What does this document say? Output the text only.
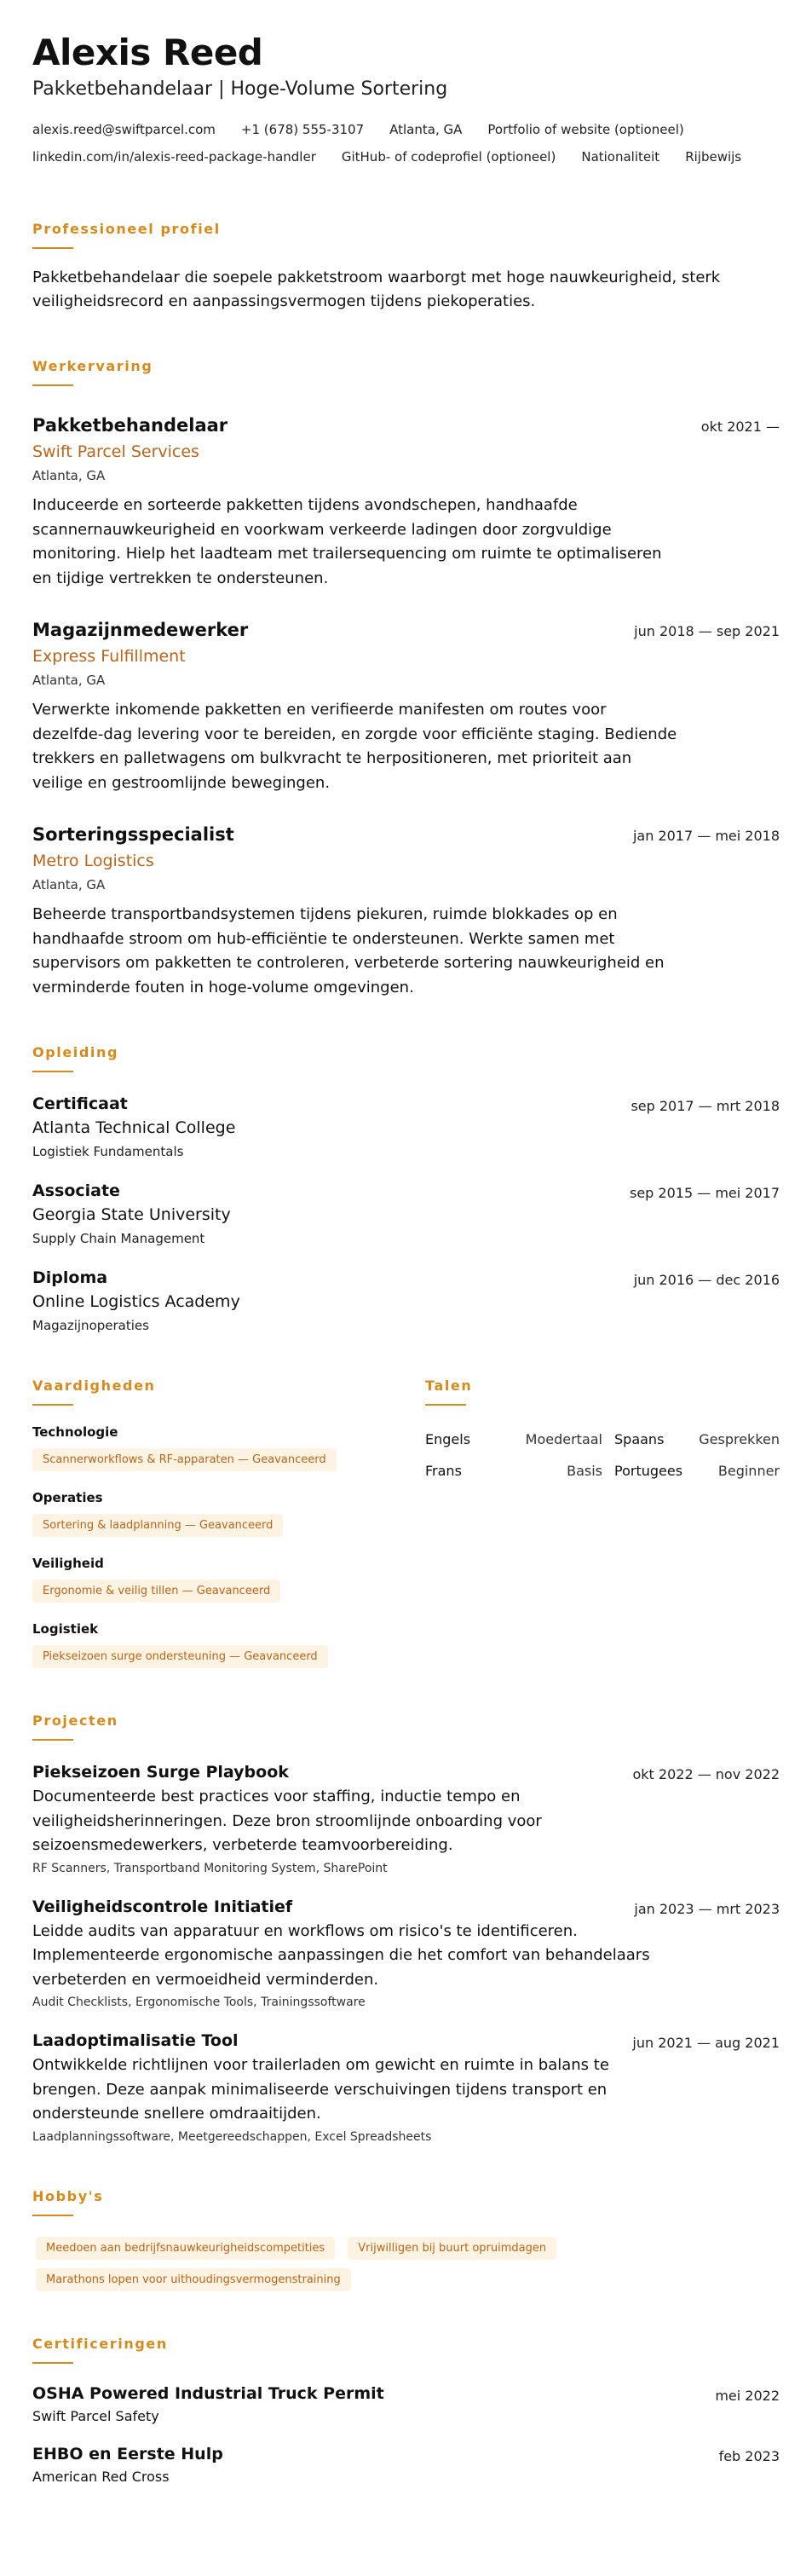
Alexis Reed
Pakketbehandelaar | Hoge-Volume Sortering
alexis.reed@swiftparcel.com +1 (678) 555-3107 Atlanta, GA Portfolio of website (optioneel)
linkedin.com/in/alexis-reed-package-handler GitHub- of codeprofiel (optioneel) Nationaliteit Rijbewijs
Professioneel profiel
Pakketbehandelaar die soepele pakketstroom waarborgt met hoge nauwkeurigheid, sterk veiligheidsrecord en aanpassingsvermogen tijdens piekoperaties.
Werkervaring
Pakketbehandelaar	okt 2021 —
Swift Parcel Services
Atlanta, GA
Induceerde en sorteerde pakketten tijdens avondschepen, handhaafde scannernauwkeurigheid en voorkwam verkeerde ladingen door zorgvuldige monitoring. Hielp het laadteam met trailersequencing om ruimte te optimaliseren en tijdige vertrekken te ondersteunen.
Magazijnmedewerker	jun 2018 — sep 2021
Express Fulfillment
Atlanta, GA
Verwerkte inkomende pakketten en verifieerde manifesten om routes voor dezelfde-dag levering voor te bereiden, en zorgde voor efficiënte staging. Bediende trekkers en palletwagens om bulkvracht te herpositioneren, met prioriteit aan veilige en gestroomlijnde bewegingen.
Sorteringsspecialist	jan 2017 — mei 2018
Metro Logistics
Atlanta, GA
Beheerde transportbandsystemen tijdens piekuren, ruimde blokkades op en handhaafde stroom om hub-efficiëntie te ondersteunen. Werkte samen met supervisors om pakketten te controleren, verbeterde sortering nauwkeurigheid en verminderde fouten in hoge-volume omgevingen.
Opleiding
Certificaat	sep 2017 — mrt 2018
Atlanta Technical College
Logistiek Fundamentals
Associate	sep 2015 — mei 2017
Georgia State University
Supply Chain Management
Diploma	jun 2016 — dec 2016
Online Logistics Academy
Magazijnoperaties
Vaardigheden
Technologie
Scannerworkflows & RF-apparaten — Geavanceerd
Operaties
Sortering & laadplanning — Geavanceerd
Veiligheid
Ergonomie & veilig tillen — Geavanceerd
Logistiek
Piekseizoen surge ondersteuning — Geavanceerd
Talen
Engels	Moedertaal Spaans	Gesprekken
Frans	Basis Portugees	Beginner
Projecten
Piekseizoen Surge Playbook	okt 2022 — nov 2022
Documenteerde best practices voor staffing, inductie tempo en veiligheidsherinneringen. Deze bron stroomlijnde onboarding voor seizoensmedewerkers, verbeterde teamvoorbereiding.
RF Scanners, Transportband Monitoring System, SharePoint
Veiligheidscontrole Initiatief	jan 2023 — mrt 2023
Leidde audits van apparatuur en workflows om risico's te identificeren. Implementeerde ergonomische aanpassingen die het comfort van behandelaars verbeterden en vermoeidheid verminderden.
Audit Checklists, Ergonomische Tools, Trainingssoftware
Laadoptimalisatie Tool	jun 2021 — aug 2021
Ontwikkelde richtlijnen voor trailerladen om gewicht en ruimte in balans te brengen. Deze aanpak minimaliseerde verschuivingen tijdens transport en ondersteunde snellere omdraaitijden.
Laadplanningssoftware, Meetgereedschappen, Excel Spreadsheets
Hobby's
Meedoen aan bedrijfsnauwkeurigheidscompetities	Vrijwilligen bij buurt opruimdagen
Marathons lopen voor uithoudingsvermogenstraining
Certificeringen
OSHA Powered Industrial Truck Permit	mei 2022
Swift Parcel Safety
EHBO en Eerste Hulp	feb 2023
American Red Cross
